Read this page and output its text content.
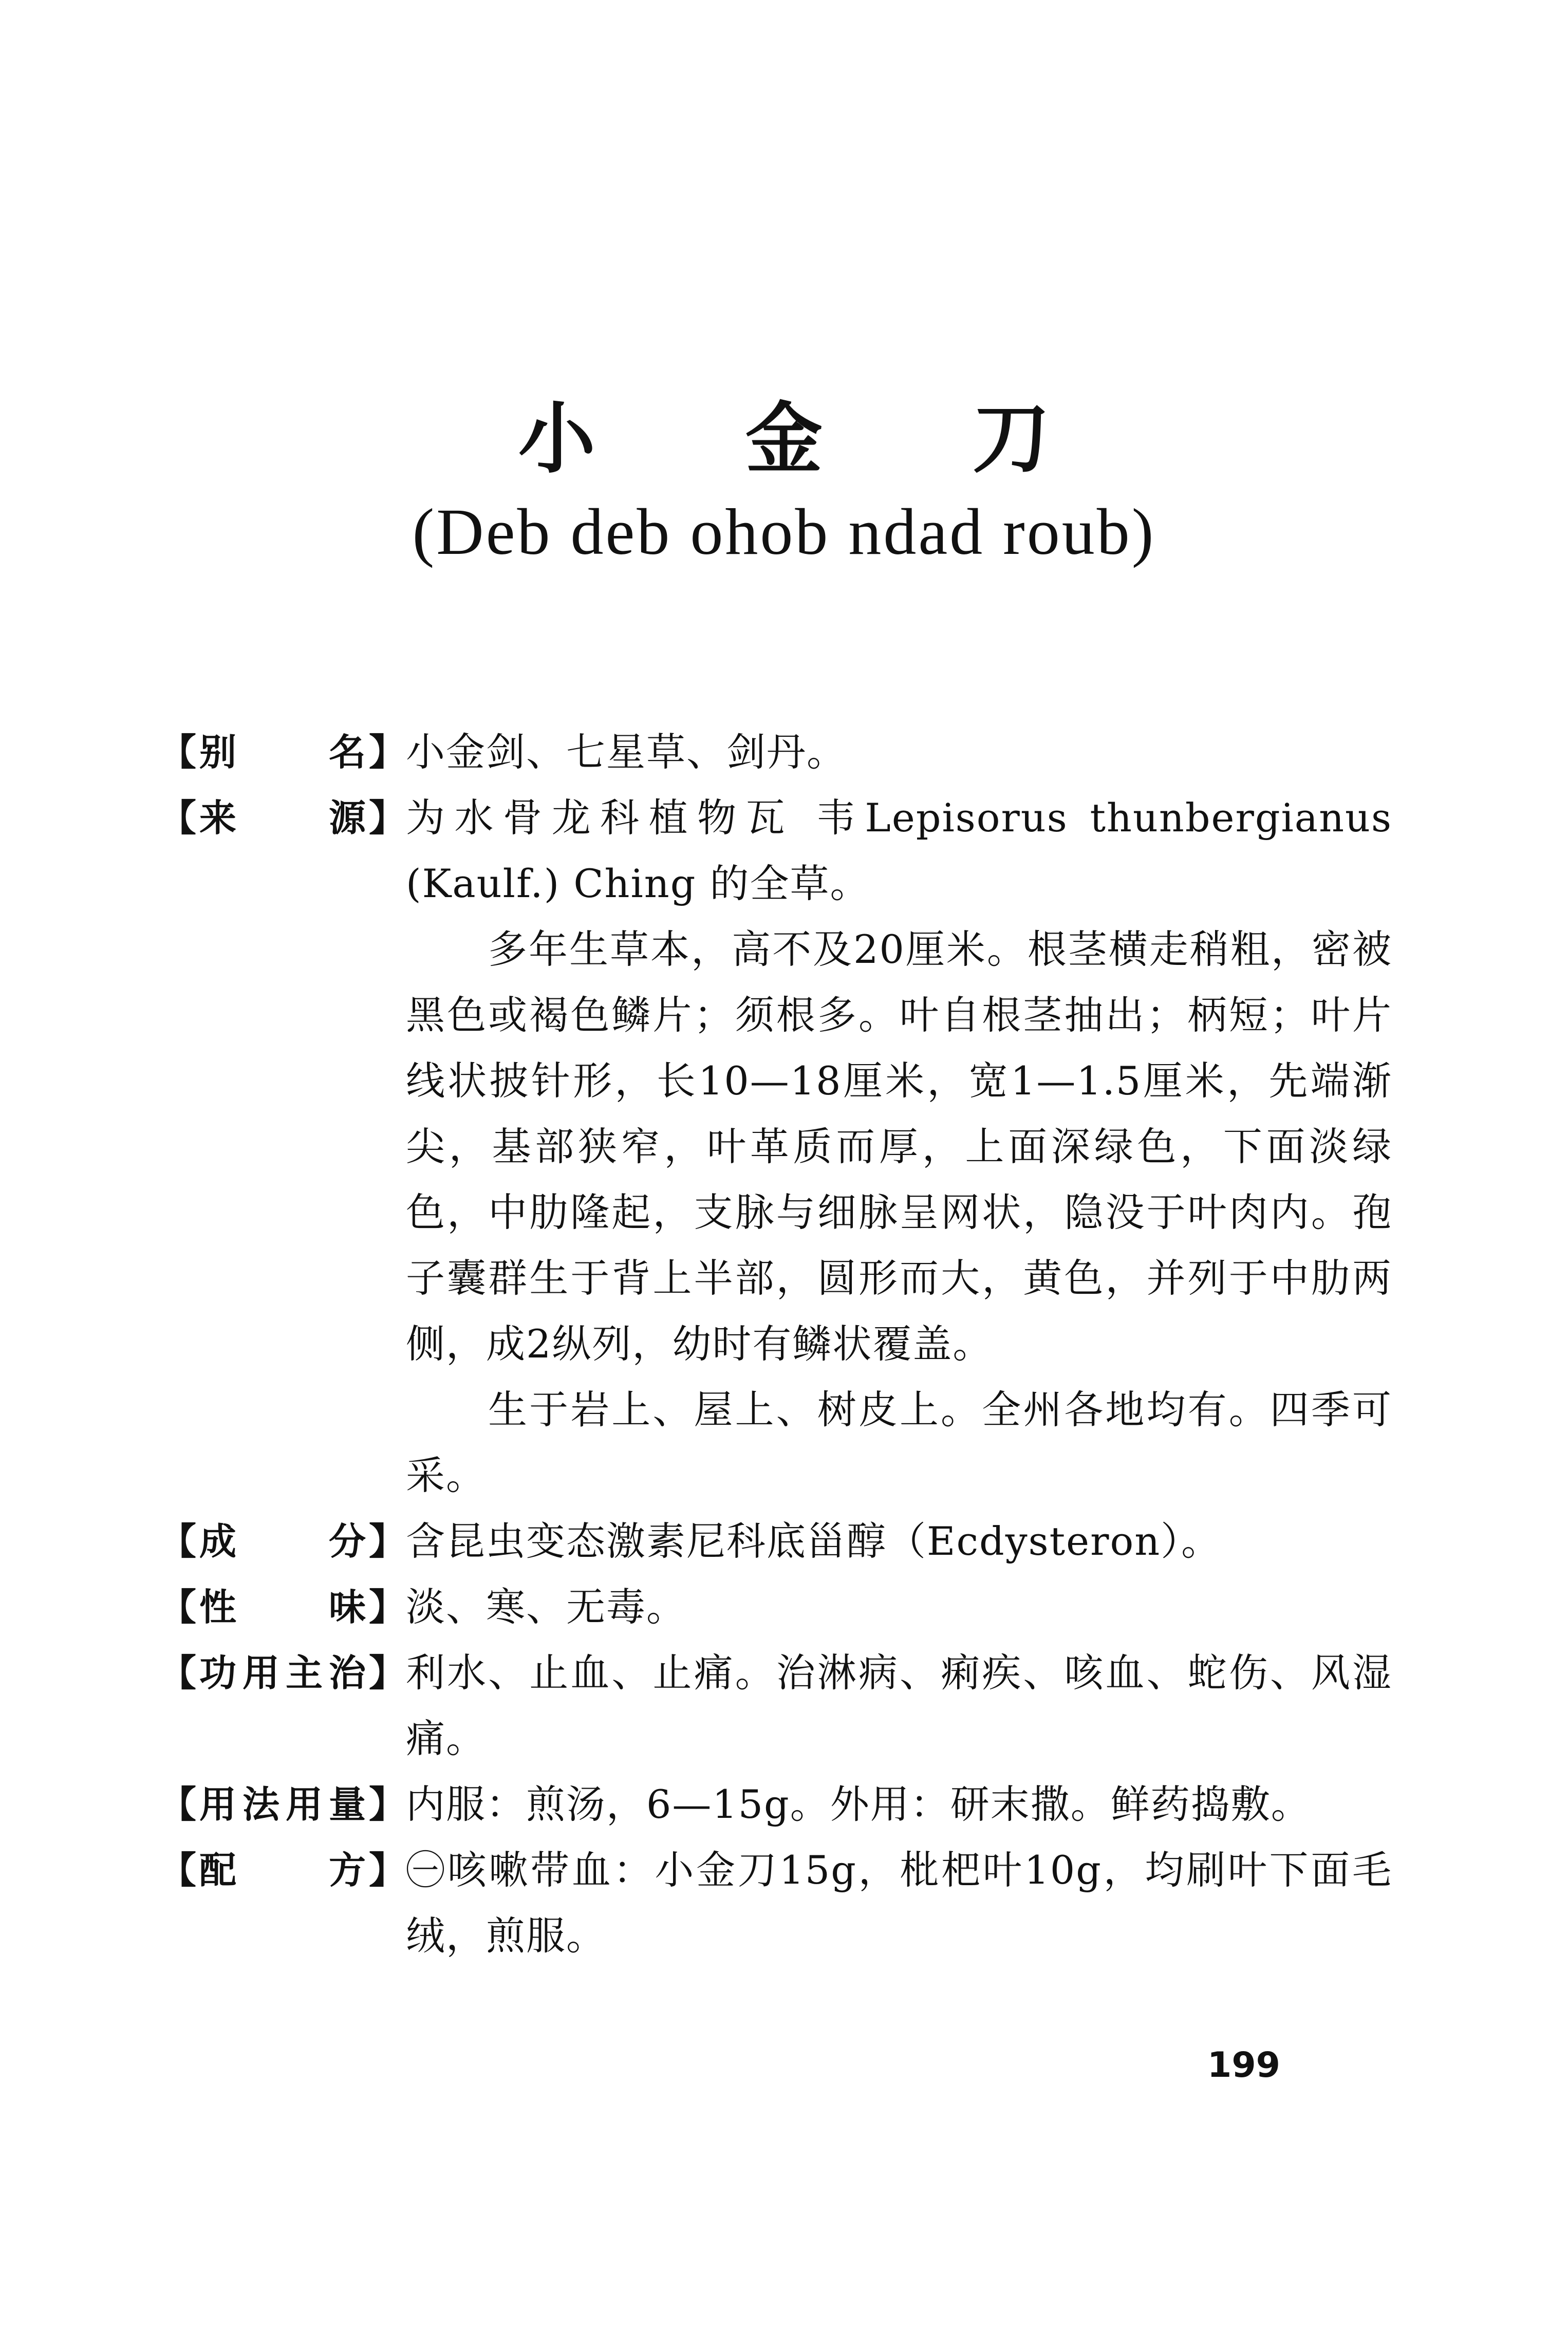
小 金 刀
(Deb deb ohob ndad roub)
【 别 名 】 小金剑、七星草、剑丹。

【 来 源 】 为水骨龙科植物瓦 韦Lepisorus thunbergianus (Kaulf.) Ching 的全草。

多年生草本，高不及20厘米。根茎横走稍粗，密被黑色或褐色鳞片；须根多。叶自根茎抽出；柄短；叶片线状披针形，长10—18厘米，宽1—1.5厘米，先端渐尖，基部狭窄，叶革质而厚，上面深绿色，下面淡绿色，中肋隆起，支脉与细脉呈网状，隐没于叶肉内。孢子囊群生于背上半部，圆形而大，黄色，并列于中肋两侧，成2纵列，幼时有鳞状覆盖。

生于岩上、屋上、树皮上。全州各地均有。四季可采。

【 成 分 】 含昆虫变态激素尼科底甾醇（Ecdysteron）。

【 性 味 】 淡、寒、无毒。

【 功 用 主 治 】 利水、止血、止痛。治淋病、痢疾、咳血、蛇伤、风湿痛。

【 用 法 用 量 】 内服：煎汤，6—15g。外用：研末撒。鲜药捣敷。

【 配 方 】 ㊀咳嗽带血：小金刀15g，枇杷叶10g，均刷叶下面毛绒，煎服。

199
